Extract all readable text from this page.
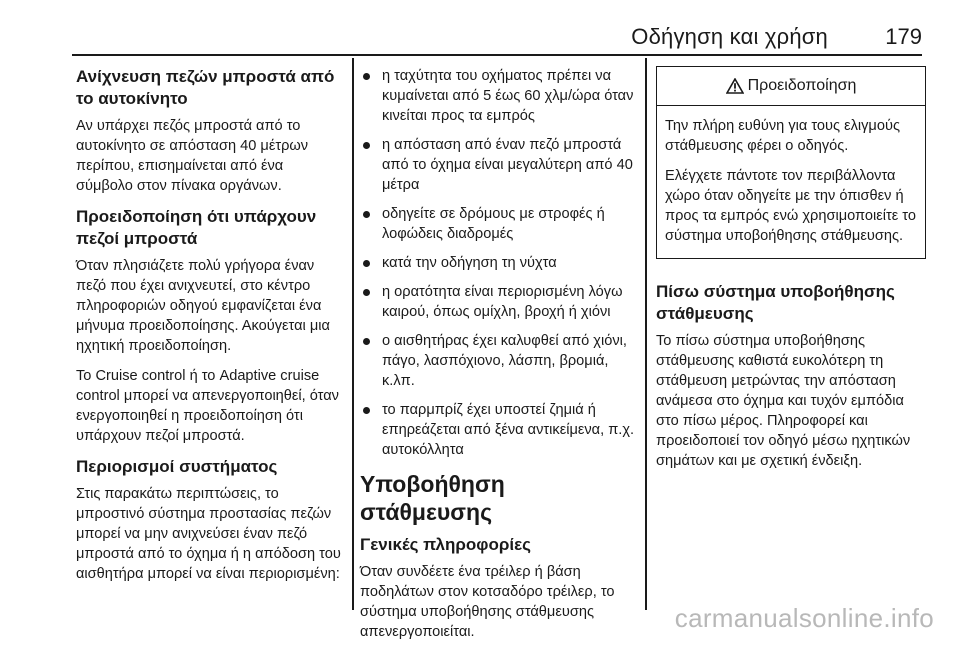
Οδήγηση και χρήση	179
Ανίχνευση πεζών μπροστά από το αυτοκίνητο

Αν υπάρχει πεζός μπροστά από το αυτοκίνητο σε απόσταση 40 μέτρων περίπου, επισημαίνεται από ένα σύμβολο στον πίνακα οργάνων.

Προειδοποίηση ότι υπάρχουν πεζοί μπροστά

Όταν πλησιάζετε πολύ γρήγορα έναν πεζό που έχει ανιχνευτεί, στο κέντρο πληροφοριών οδηγού εμφανίζεται ένα μήνυμα προειδοποίησης. Ακούγεται μια ηχητική προειδοποίηση.

Το Cruise control ή το Adaptive cruise control μπορεί να απενεργοποιηθεί, όταν ενεργοποιηθεί η προειδοποίηση ότι υπάρχουν πεζοί μπροστά.

Περιορισμοί συστήματος

Στις παρακάτω περιπτώσεις, το μπροστινό σύστημα προστασίας πεζών μπορεί να μην ανιχνεύσει έναν πεζό μπροστά από το όχημα ή η απόδοση του αισθητήρα μπορεί να είναι περιορισμένη:

η ταχύτητα του οχήματος πρέπει να κυμαίνεται από 5 έως 60 χλμ/ώρα όταν κινείται προς τα εμπρός
η απόσταση από έναν πεζό μπροστά από το όχημα είναι μεγαλύτερη από 40 μέτρα
οδηγείτε σε δρόμους με στροφές ή λοφώδεις διαδρομές
κατά την οδήγηση τη νύχτα
η ορατότητα είναι περιορισμένη λόγω καιρού, όπως ομίχλη, βροχή ή χιόνι
ο αισθητήρας έχει καλυφθεί από χιόνι, πάγο, λασπόχιονο, λάσπη, βρομιά, κ.λπ.
το παρμπρίζ έχει υποστεί ζημιά ή επηρεάζεται από ξένα αντικείμενα, π.χ. αυτοκόλλητα
Υποβοήθηση στάθμευσης
Γενικές πληροφορίες

Όταν συνδέετε ένα τρέιλερ ή βάση ποδηλάτων στον κοτσαδόρο τρέιλερ, το σύστημα υποβοήθησης στάθμευσης απενεργοποιείται.

Προειδοποίηση

Την πλήρη ευθύνη για τους ελιγμούς στάθμευσης φέρει ο οδηγός.

Ελέγχετε πάντοτε τον περιβάλλοντα χώρο όταν οδηγείτε με την όπισθεν ή προς τα εμπρός ενώ χρησιμοποιείτε το σύστημα υποβοήθησης στάθμευσης.

Πίσω σύστημα υποβοήθησης στάθμευσης

Το πίσω σύστημα υποβοήθησης στάθμευσης καθιστά ευκολότερη τη στάθμευση μετρώντας την απόσταση ανάμεσα στο όχημα και τυχόν εμπόδια στο πίσω μέρος. Πληροφορεί και προειδοποιεί τον οδηγό μέσω ηχητικών σημάτων και με σχετική ένδειξη.

carmanualsonline.info
